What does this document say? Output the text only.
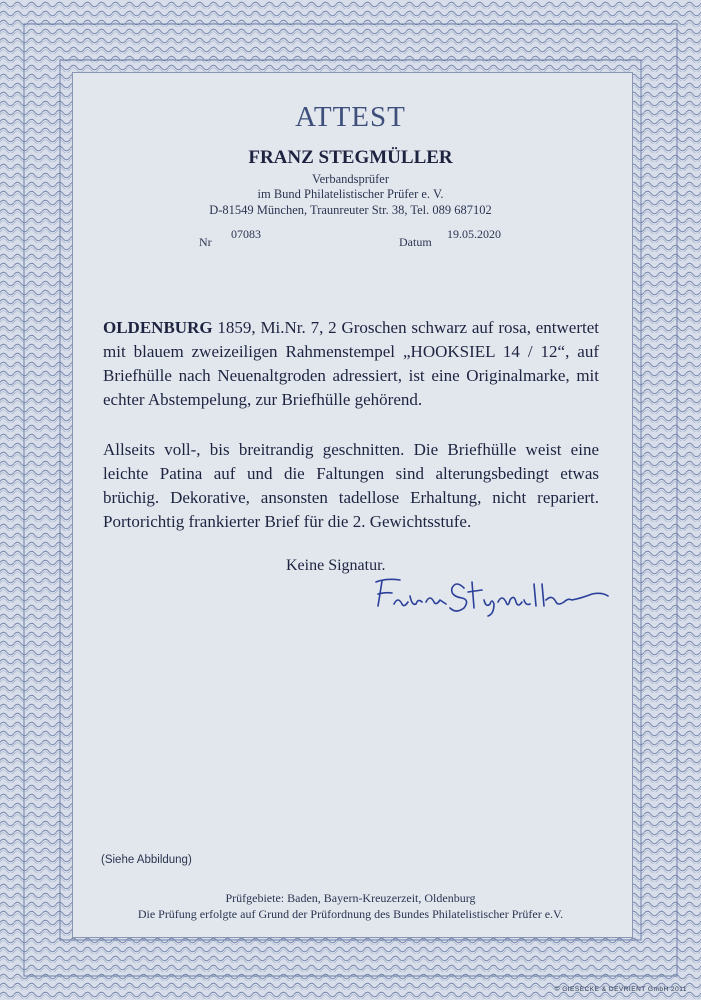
ATTEST
FRANZ STEGMÜLLER
Verbandsprüfer
im Bund Philatelistischer Prüfer e. V.
D-81549 München, Traunreuter Str. 38, Tel. 089 687102
Nr
07083
Datum
19.05.2020
OLDENBURG 1859, Mi.Nr. 7, 2 Groschen schwarz auf rosa, entwertet mit blauem zweizeiligen Rahmenstempel „HOOKSIEL 14 / 12“, auf Briefhülle nach Neuenaltgroden adressiert, ist eine Originalmarke, mit echter Abstempelung, zur Briefhülle gehörend.
Allseits voll-, bis breitrandig geschnitten. Die Briefhülle weist eine leichte Patina auf und die Faltungen sind alterungsbedingt etwas brüchig. Dekorative, ansonsten tadellose Erhaltung, nicht repariert. Portorichtig frankierter Brief für die 2. Gewichtsstufe.
Keine Signatur.
(Siehe Abbildung)
Prüfgebiete: Baden, Bayern-Kreuzerzeit, Oldenburg
Die Prüfung erfolgte auf Grund der Prüfordnung des Bundes Philatelistischer Prüfer e.V.
© GIESECKE & DEVRIENT GmbH 2011
